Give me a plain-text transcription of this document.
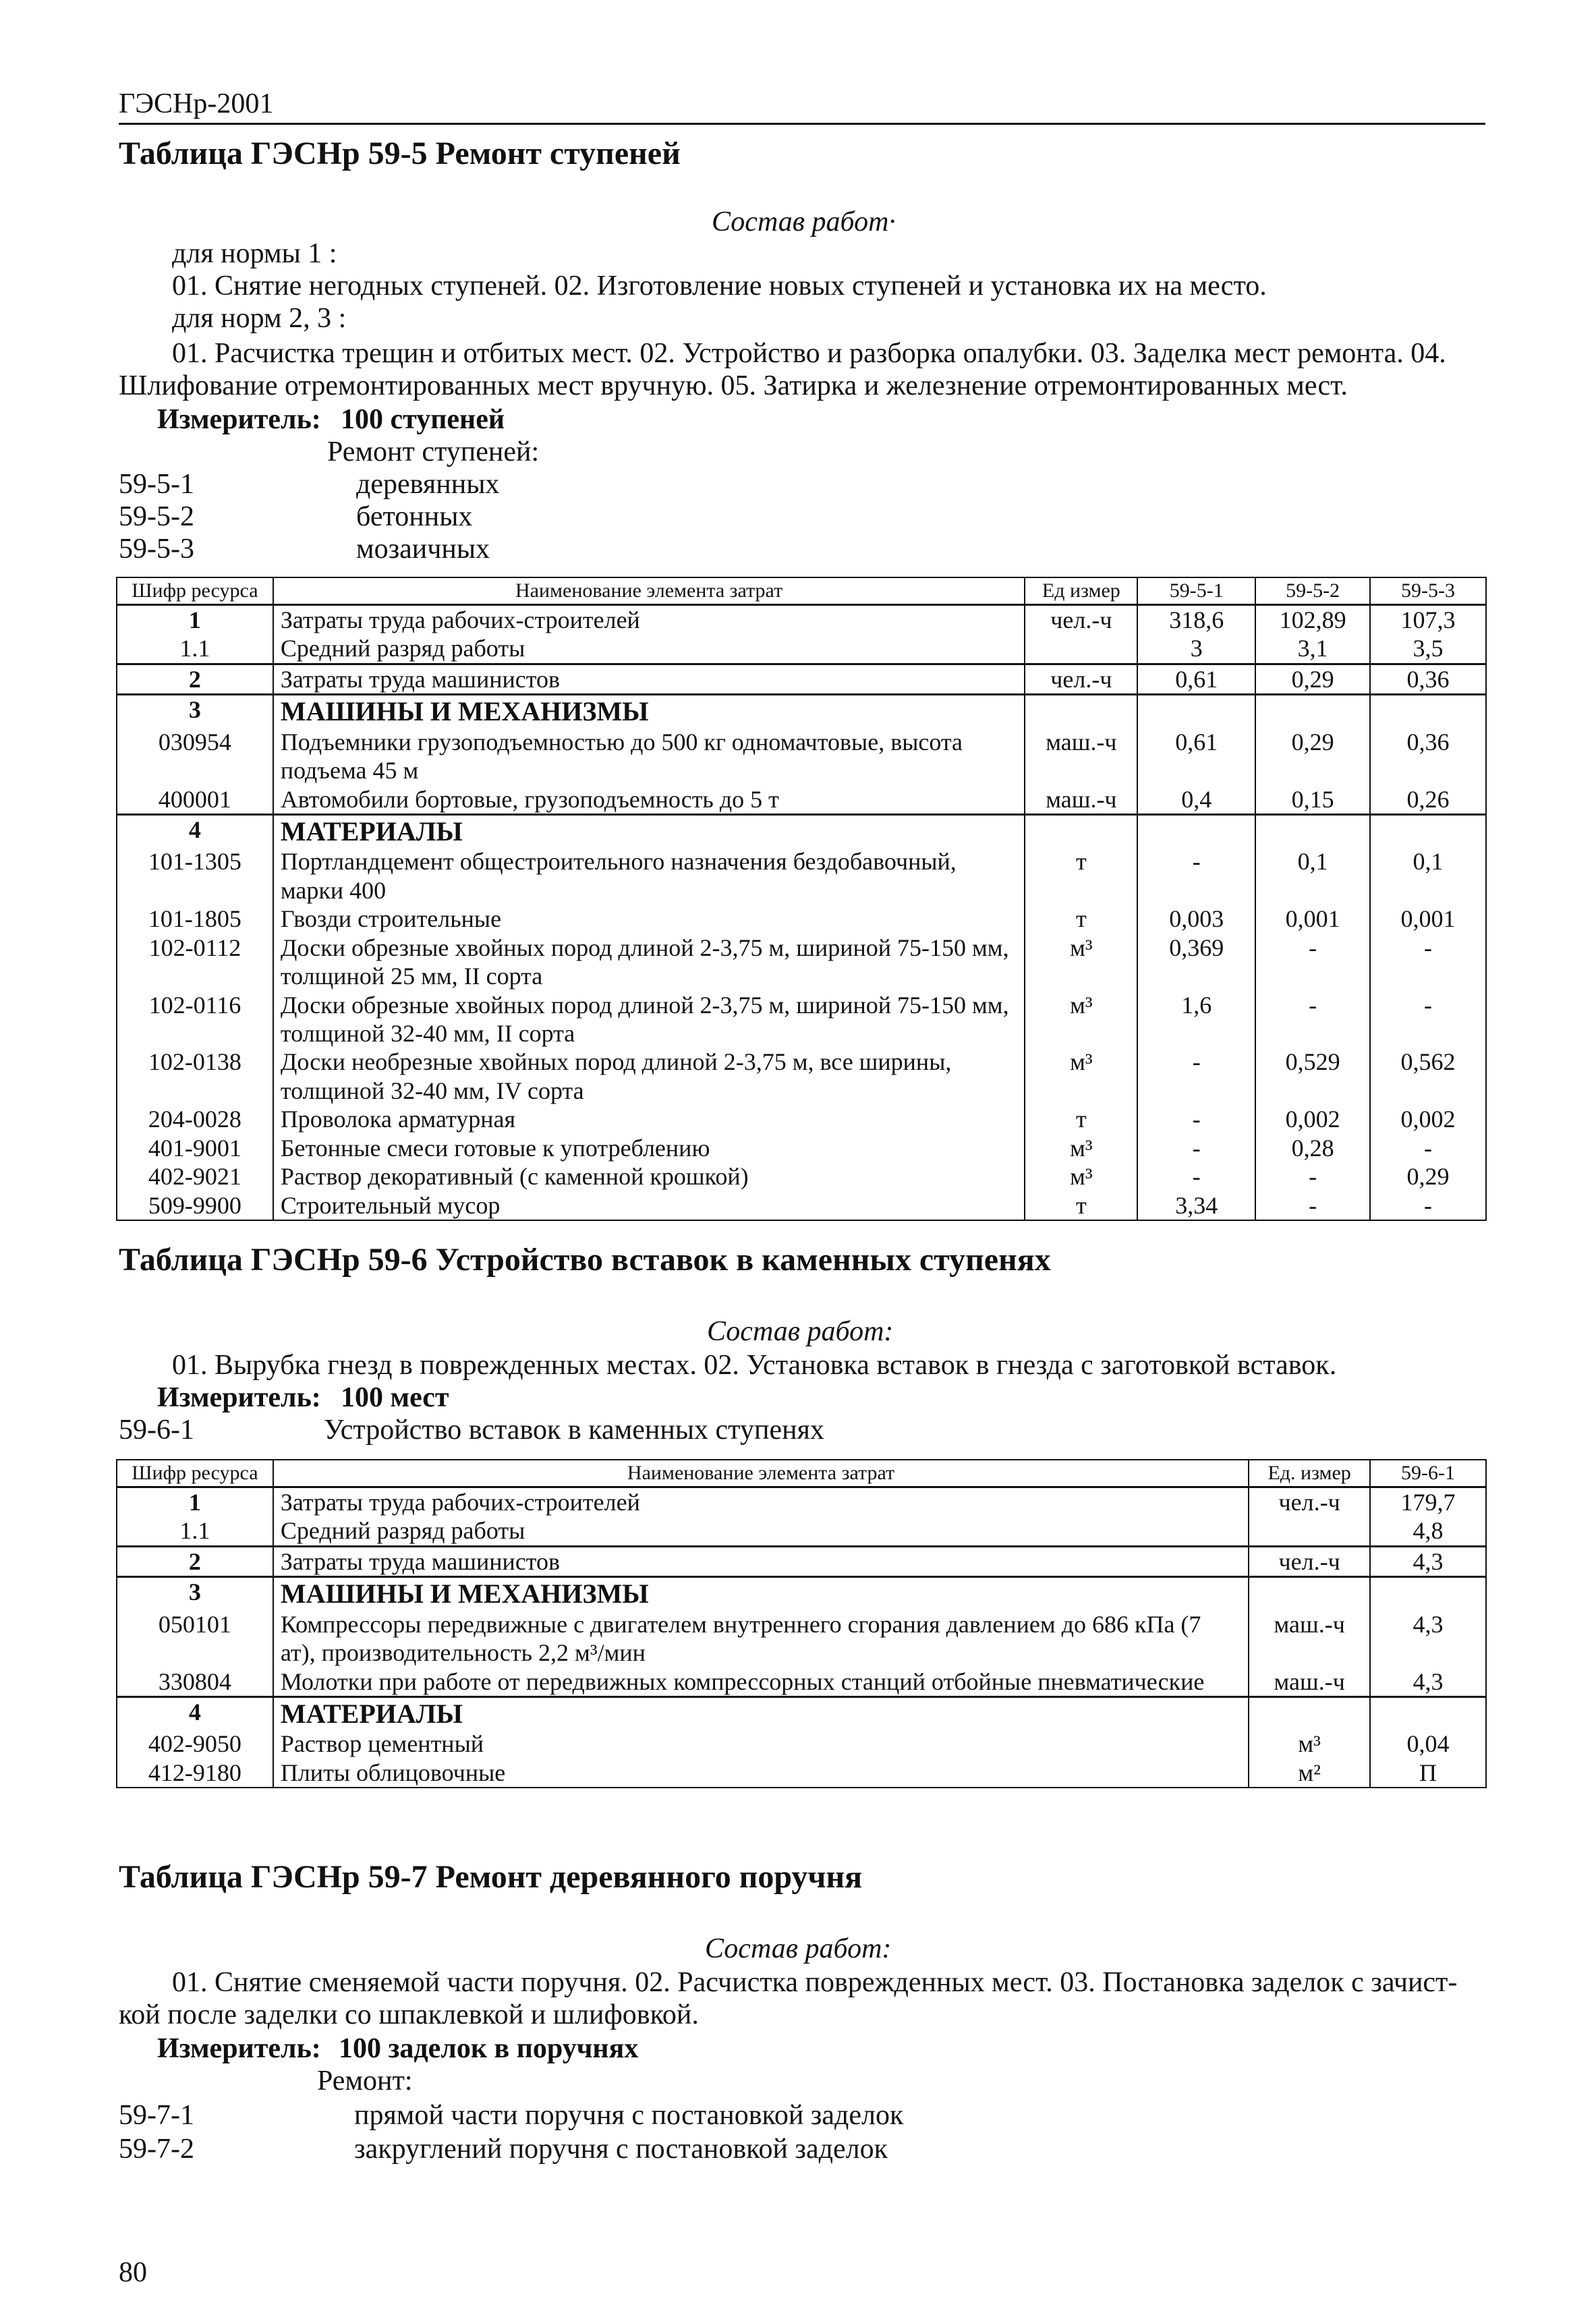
ГЭСНр-2001
Таблица ГЭСНр 59-5 Ремонт ступеней
Состав работ·
для нормы 1 :
01. Снятие негодных ступеней. 02. Изготовление новых ступеней и установка их на место.
для норм 2, 3 :
01. Расчистка трещин и отбитых мест. 02. Устройство и разборка опалубки. 03. Заделка мест ремонта. 04.
Шлифование отремонтированных мест вручную. 05. Затирка и железнение отремонтированных мест.
Измеритель: 100 ступеней
Ремонт ступеней:
59-5-1	деревянных
59-5-2	бетонных
59-5-3	мозаичных
Шифр ресурса	Наименование элемента затрат	Ед измер	59-5-1	59-5-2	59-5-3
1	Затраты труда рабочих-строителей	чел.-ч	318,6	102,89	107,3
1.1	Средний разряд работы		3	3,1	3,5
2	Затраты труда машинистов	чел.-ч	0,61	0,29	0,36
3	МАШИНЫ И МЕХАНИЗМЫ				
030954	Подъемники грузоподъемностью до 500 кг одномачтовые, высота подъема 45 м	маш.-ч	0,61	0,29	0,36
400001	Автомобили бортовые, грузоподъемность до 5 т	маш.-ч	0,4	0,15	0,26
4	МАТЕРИАЛЫ				
101-1305	Портландцемент общестроительного назначения бездобавочный, марки 400	т	-	0,1	0,1
101-1805	Гвозди строительные	т	0,003	0,001	0,001
102-0112	Доски обрезные хвойных пород длиной 2-3,75 м, шириной 75-150 мм, толщиной 25 мм, II сорта	м³	0,369	-	-
102-0116	Доски обрезные хвойных пород длиной 2-3,75 м, шириной 75-150 мм, толщиной 32-40 мм, II сорта	м³	1,6	-	-
102-0138	Доски необрезные хвойных пород длиной 2-3,75 м, все ширины, толщиной 32-40 мм, IV сорта	м³	-	0,529	0,562
204-0028	Проволока арматурная	т	-	0,002	0,002
401-9001	Бетонные смеси готовые к употреблению	м³	-	0,28	-
402-9021	Раствор декоративный (с каменной крошкой)	м³	-	-	0,29
509-9900	Строительный мусор	т	3,34	-	-
Таблица ГЭСНр 59-6 Устройство вставок в каменных ступенях
Состав работ:
01. Вырубка гнезд в поврежденных местах. 02. Установка вставок в гнезда с заготовкой вставок.
Измеритель: 100 мест
59-6-1	Устройство вставок в каменных ступенях
Шифр ресурса	Наименование элемента затрат	Ед. измер	59-6-1
1	Затраты труда рабочих-строителей	чел.-ч	179,7
1.1	Средний разряд работы		4,8
2	Затраты труда машинистов	чел.-ч	4,3
3	МАШИНЫ И МЕХАНИЗМЫ		
050101	Компрессоры передвижные с двигателем внутреннего сгорания давлением до 686 кПа (7 ат), производительность 2,2 м³/мин	маш.-ч	4,3
330804	Молотки при работе от передвижных компрессорных станций отбойные пневматические	маш.-ч	4,3
4	МАТЕРИАЛЫ		
402-9050	Раствор цементный	м³	0,04
412-9180	Плиты облицовочные	м²	П
Таблица ГЭСНр 59-7 Ремонт деревянного поручня
Состав работ:
01. Снятие сменяемой части поручня. 02. Расчистка поврежденных мест. 03. Постановка заделок с зачист-
кой после заделки со шпаклевкой и шлифовкой.
Измеритель: 100 заделок в поручнях
Ремонт:
59-7-1	прямой части поручня с постановкой заделок
59-7-2	закруглений поручня с постановкой заделок
80
